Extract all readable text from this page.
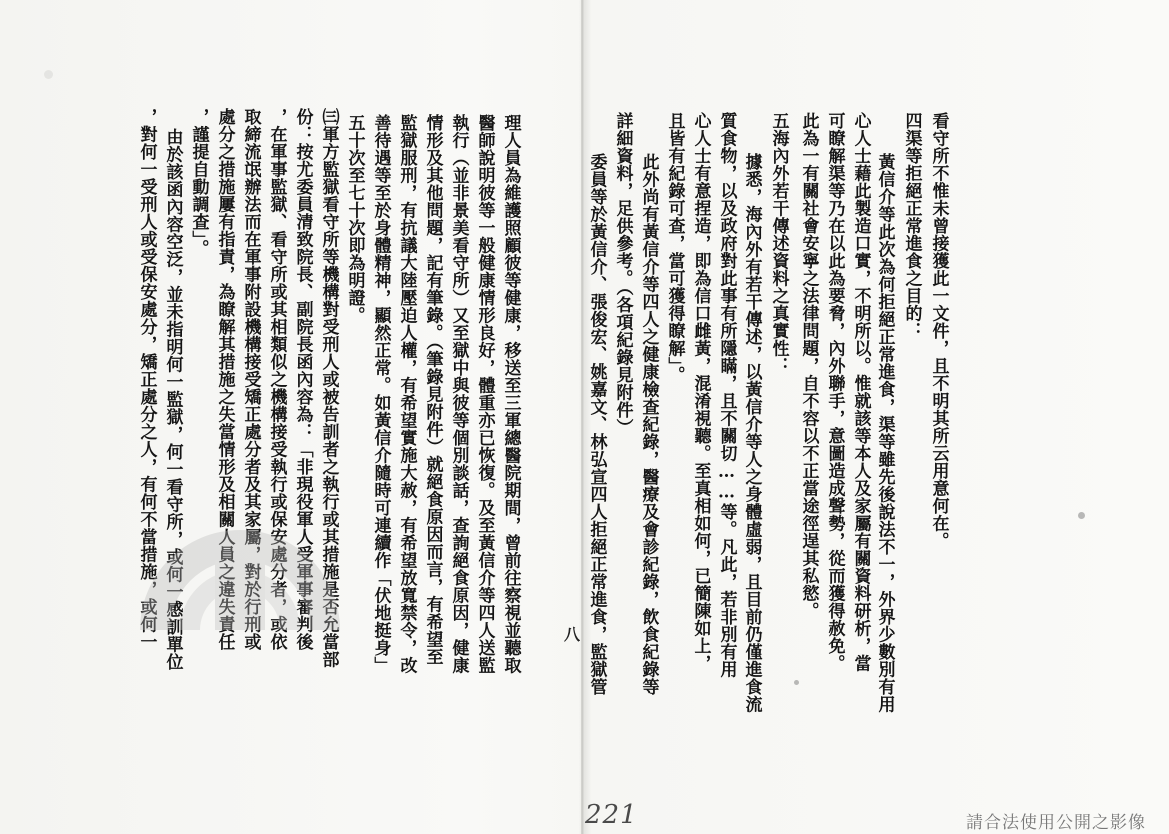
看守所不惟未曾接獲此一文件，且不明其所云用意何在。
四渠等拒絕正常進食之目的：
黃信介等此次為何拒絕正常進食，渠等雖先後說法不一，外界少數別有用
心人士藉此製造口實，不明所以。惟就該等本人及家屬有關資料研析，當
可瞭解渠等乃在以此為要脅，內外聯手，意圖造成聲勢，從而獲得赦免。
此為一有關社會安寧之法律問題，自不容以不正當途徑逞其私慾。
五海內外若干傳述資料之真實性：
據悉，海內外有若干傳述，以黃信介等人之身體虛弱，且目前仍僅進食流
質食物，以及政府對此事有所隱瞞，且不關切……等。凡此，若非別有用
心人士有意捏造，即為信口雌黃，混淆視聽。至真相如何，已簡陳如上，
且皆有紀錄可查，當可獲得瞭解」。
此外尚有黃信介等四人之健康檢查紀錄，醫療及會診紀錄，飲食紀錄等
詳細資料，足供參考。（各項紀錄見附件）
委員等於黃信介、張俊宏、姚嘉文、林弘宣四人拒絕正常進食，監獄管
理人員為維護照顧彼等健康，移送至三軍總醫院期間，曾前往察視並聽取
醫師說明彼等一般健康情形良好，體重亦已恢復。及至黃信介等四人送監
執行（並非景美看守所）又至獄中與彼等個別談話，查詢絕食原因，健康
情形及其他問題，記有筆錄。（筆錄見附件）就絕食原因而言，有希望至
監獄服刑，有抗議大陸壓迫人權，有希望實施大赦，有希望放寬禁令，改
善待遇等至於身體精神，顯然正常。如黃信介隨時可連續作「伏地挺身」
五十次至七十次即為明證。
㈢軍方監獄看守所等機構對受刑人或被告訓者之執行或其措施是否允當部
份：按尤委員清致院長、副院長函內容為：「非現役軍人受軍事審判後
，在軍事監獄、看守所或其相類似之機構接受執行或保安處分者，或依
取締流氓辦法而在軍事附設機構接受矯正處分者及其家屬，對於行刑或
處分之措施屢有指責，為瞭解其措施之失當情形及相關人員之違失責任
，謹提自動調查」。
由於該函內容空泛，並未指明何一監獄，何一看守所，或何一感訓單位
，對何一受刑人或受保安處分，矯正處分之人，有何不當措施，或何一	八
221	請合法使用公開之影像
